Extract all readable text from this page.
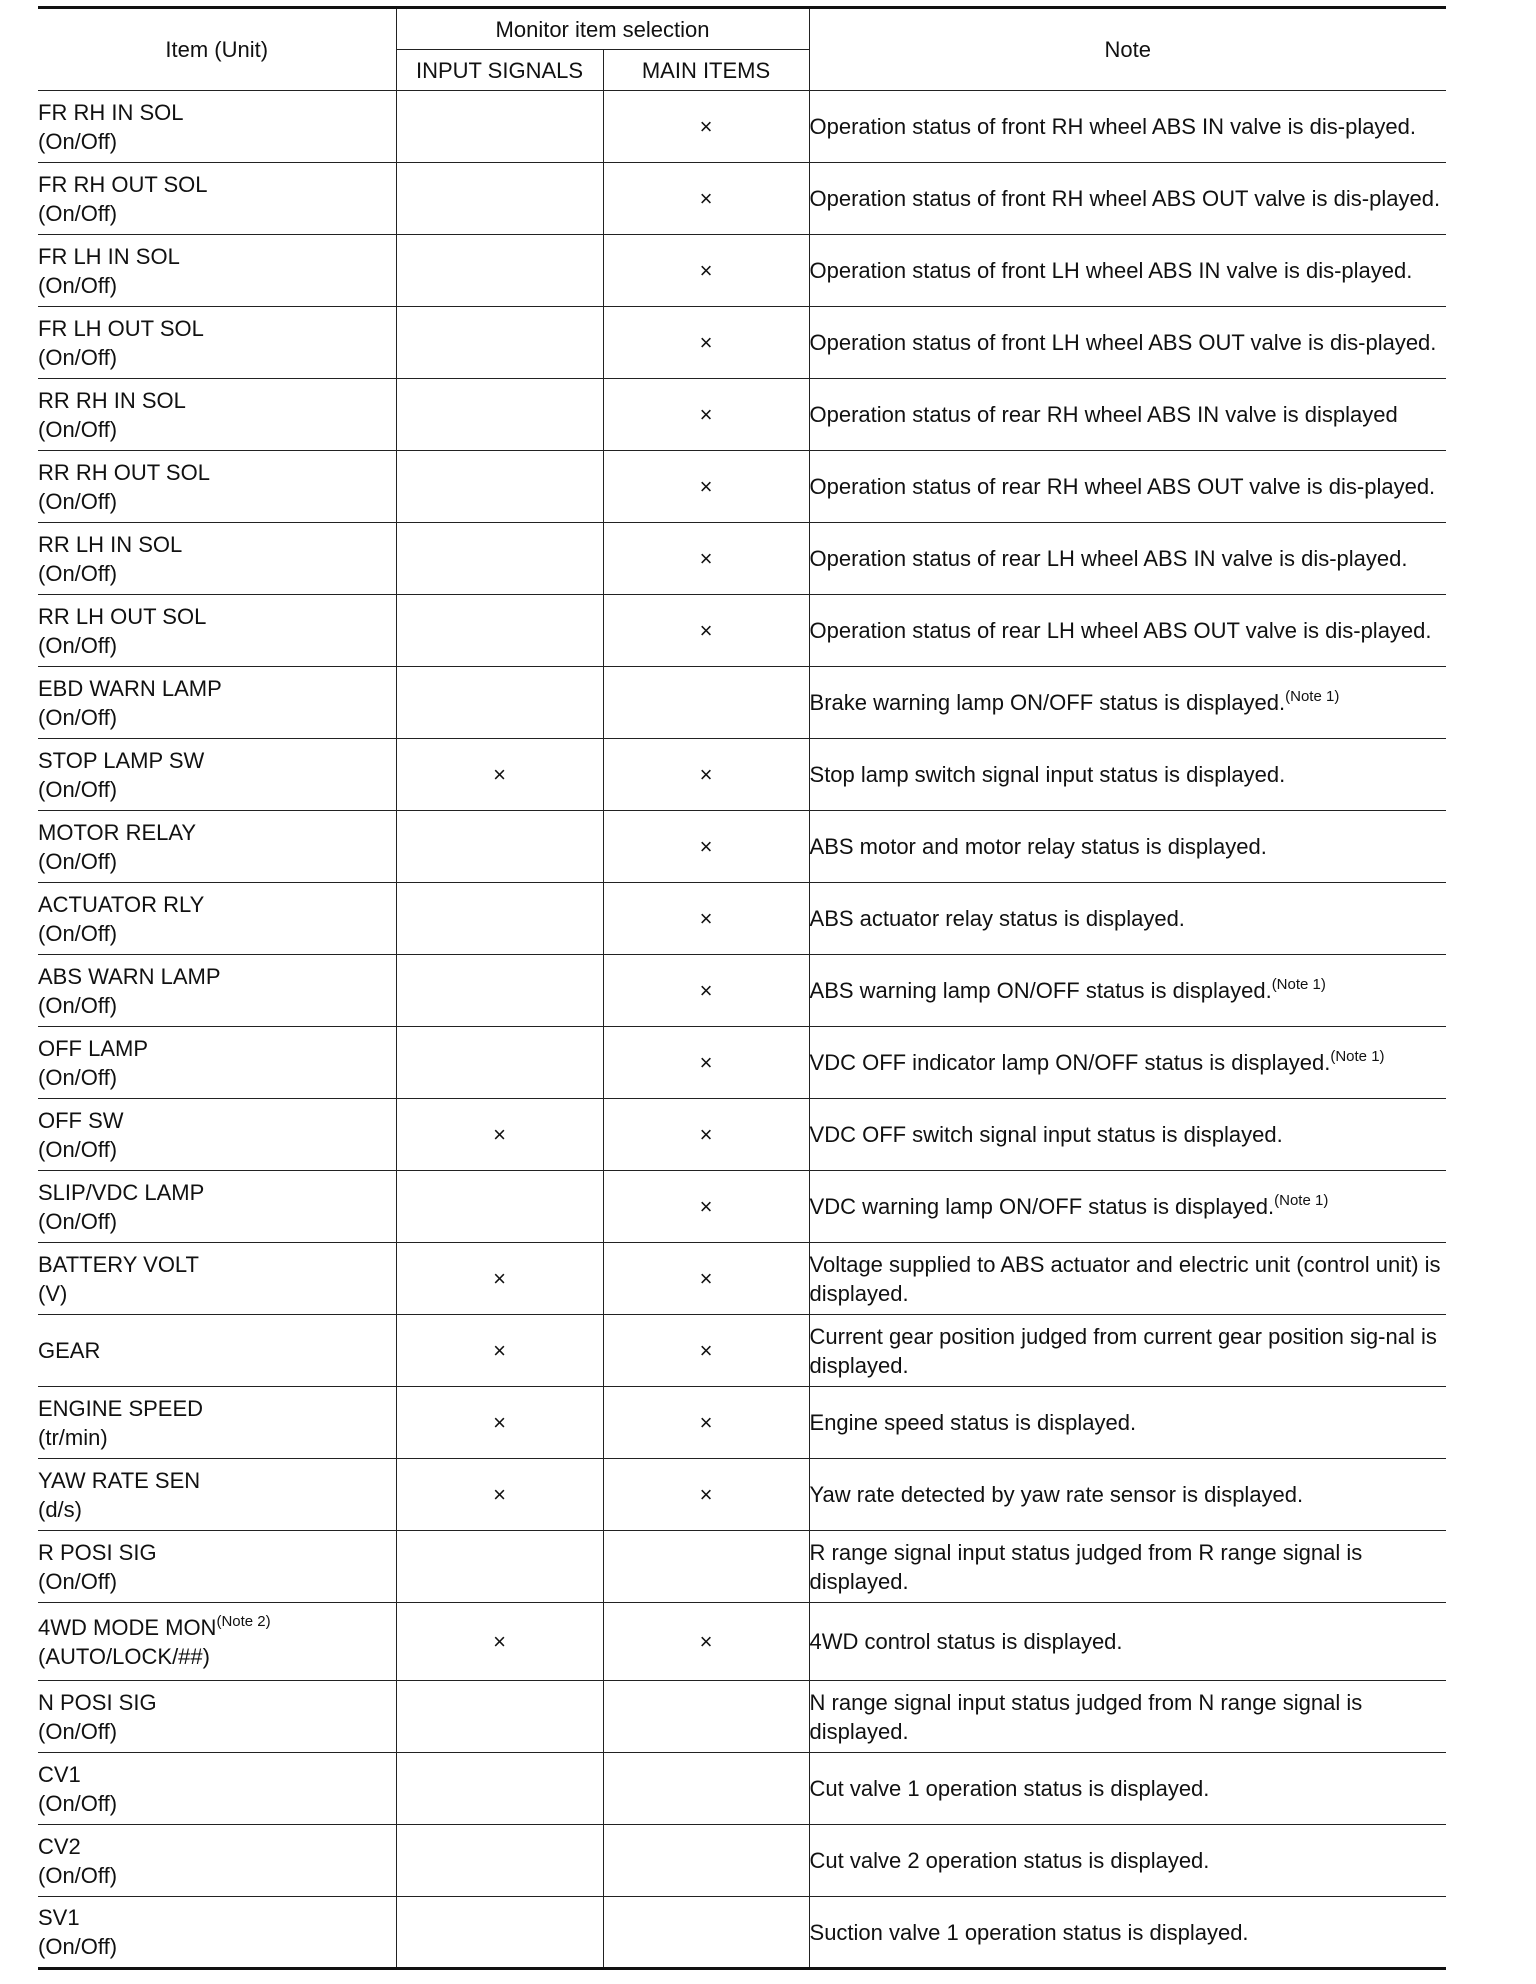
Item (Unit)	Monitor item selection		Note
	INPUT SIGNALS	MAIN ITEMS	

FR RH IN SOL
(On/Off)		×	Operation status of front RH wheel ABS IN valve is dis-played.

FR RH OUT SOL
(On/Off)		×	Operation status of front RH wheel ABS OUT valve is dis-played.

FR LH IN SOL
(On/Off)		×	Operation status of front LH wheel ABS IN valve is dis-played.

FR LH OUT SOL
(On/Off)		×	Operation status of front LH wheel ABS OUT valve is dis-played.

RR RH IN SOL
(On/Off)		×	Operation status of rear RH wheel ABS IN valve is displayed

RR RH OUT SOL
(On/Off)		×	Operation status of rear RH wheel ABS OUT valve is dis-played.

RR LH IN SOL
(On/Off)		×	Operation status of rear LH wheel ABS IN valve is dis-played.

RR LH OUT SOL
(On/Off)		×	Operation status of rear LH wheel ABS OUT valve is dis-played.

EBD WARN LAMP
(On/Off)			Brake warning lamp ON/OFF status is displayed.$^{(Note 1)}$

STOP LAMP SW
(On/Off)	×	×	Stop lamp switch signal input status is displayed.

MOTOR RELAY
(On/Off)		×	ABS motor and motor relay status is displayed.

ACTUATOR RLY
(On/Off)		×	ABS actuator relay status is displayed.

ABS WARN LAMP
(On/Off)		×	ABS warning lamp ON/OFF status is displayed.$^{(Note 1)}$

OFF LAMP
(On/Off)		×	VDC OFF indicator lamp ON/OFF status is displayed.$^{(Note 1)}$

OFF SW
(On/Off)	×	×	VDC OFF switch signal input status is displayed.

SLIP/VDC LAMP
(On/Off)		×	VDC warning lamp ON/OFF status is displayed.$^{(Note 1)}$

BATTERY VOLT
(V)	×	×	Voltage supplied to ABS actuator and electric unit (control unit) is displayed.

GEAR	×	×	Current gear position judged from current gear position sig-nal is displayed.

ENGINE SPEED
(tr/min)	×	×	Engine speed status is displayed.

YAW RATE SEN
(d/s)	×	×	Yaw rate detected by yaw rate sensor is displayed.

R POSI SIG
(On/Off)			R range signal input status judged from R range signal is displayed.

4WD MODE MON$^{(Note 2)}$
(AUTO/LOCK/##)	×	×	4WD control status is displayed.

N POSI SIG
(On/Off)			N range signal input status judged from N range signal is displayed.

CV1
(On/Off)			Cut valve 1 operation status is displayed.

CV2
(On/Off)			Cut valve 2 operation status is displayed.

SV1
(On/Off)			Suction valve 1 operation status is displayed.
